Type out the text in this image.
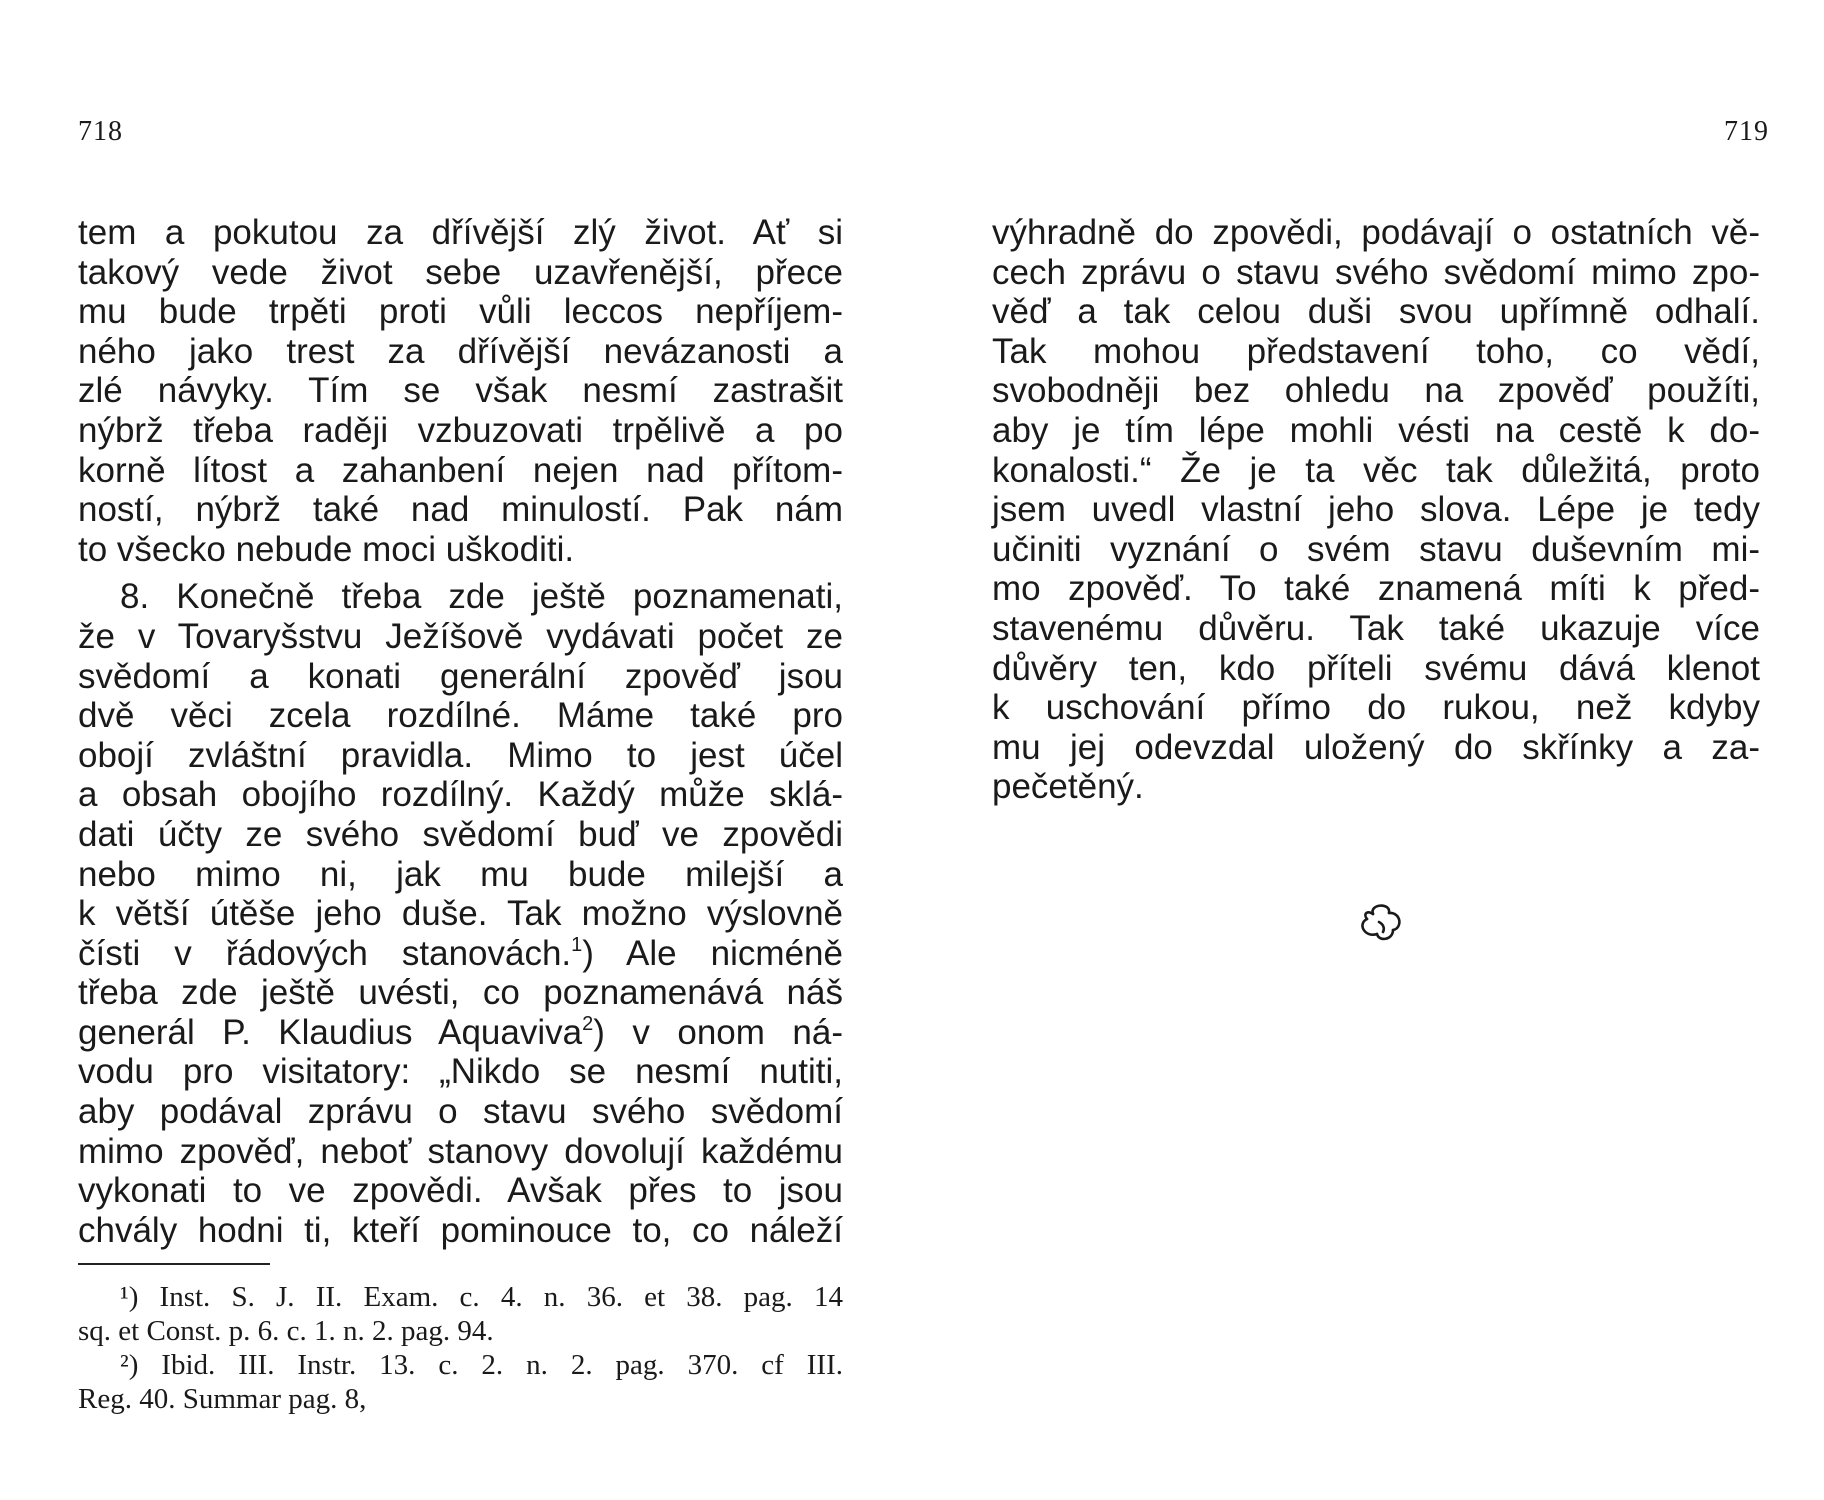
718
tem a pokutou za dřívější zlý život. Ať si
takový vede život sebe uzavřenější, přece
mu bude trpěti proti vůli leccos nepříjem-
ného jako trest za dřívější nevázanosti a
zlé návyky. Tím se však nesmí zastrašit
nýbrž třeba raději vzbuzovati trpělivě a po
korně lítost a zahanbení nejen nad přítom-
ností, nýbrž také nad minulostí. Pak nám
to všecko nebude moci uškoditi.
8. Konečně třeba zde ještě poznamenati,
že v Tovaryšstvu Ježíšově vydávati počet ze
svědomí a konati generální zpověď jsou
dvě věci zcela rozdílné. Máme také pro
obojí zvláštní pravidla. Mimo to jest účel
a obsah obojího rozdílný. Každý může sklá-
dati účty ze svého svědomí buď ve zpovědi
nebo mimo ni, jak mu bude milejší a
k větší útěše jeho duše. Tak možno výslovně
čísti v řádových stanovách.$^1$) Ale nicméně
třeba zde ještě uvésti, co poznamenává náš
generál P. Klaudius Aquaviva$^2$) v onom ná-
vodu pro visitatory: „Nikdo se nesmí nutiti,
aby podával zprávu o stavu svého svědomí
mimo zpověď, neboť stanovy dovolují každému
vykonati to ve zpovědi. Avšak přes to jsou
chvály hodni ti, kteří pominouce to, co náleží
¹) Inst. S. J. II. Exam. c. 4. n. 36. et 38. pag. 14
sq. et Const. p. 6. c. 1. n. 2. pag. 94.
²) Ibid. III. Instr. 13. c. 2. n. 2. pag. 370. cf III.
Reg. 40. Summar pag. 8,
719
výhradně do zpovědi, podávají o ostatních vě-
cech zprávu o stavu svého svědomí mimo zpo-
věď a tak celou duši svou upřímně odhalí.
Tak mohou představení toho, co vědí,
svobodněji bez ohledu na zpověď použíti,
aby je tím lépe mohli vésti na cestě k do-
konalosti.“ Že je ta věc tak důležitá, proto
jsem uvedl vlastní jeho slova. Lépe je tedy
učiniti vyznání o svém stavu duševním mi-
mo zpověď. To také znamená míti k před-
stavenému důvěru. Tak také ukazuje více
důvěry ten, kdo příteli svému dává klenot
k uschování přímo do rukou, než kdyby
mu jej odevzdal uložený do skřínky a za-
pečetěný.
